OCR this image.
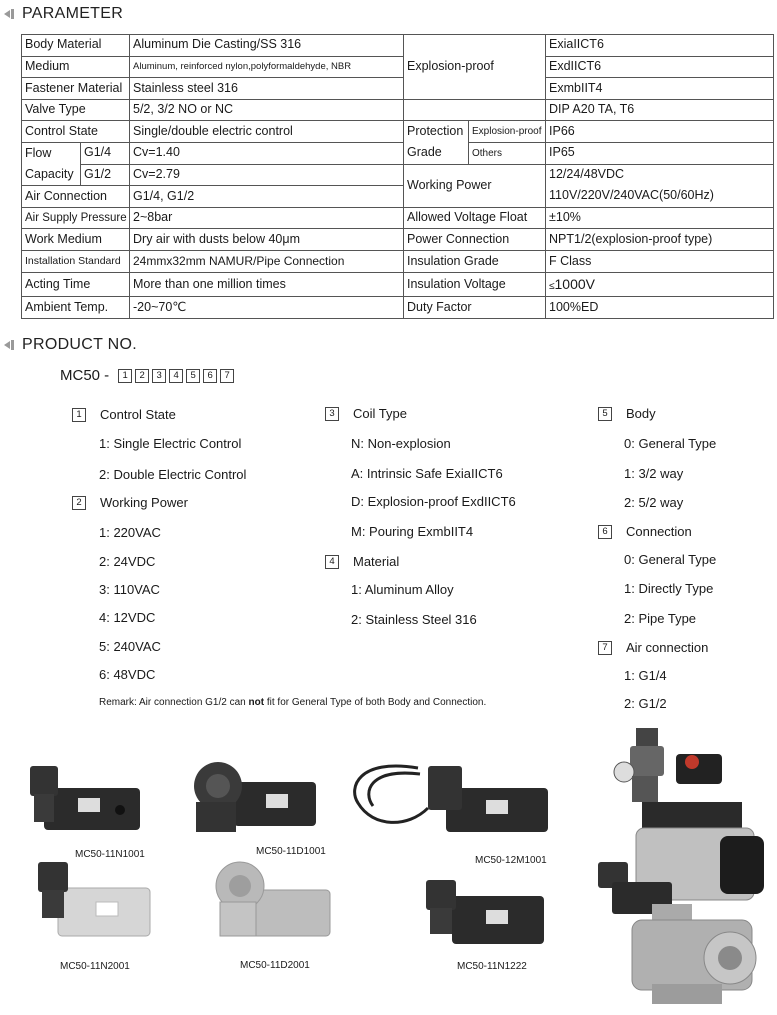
PARAMETER
Body Material		Aluminum Die Casting/SS 316	Explosion-proof		ExiaIICT6
Medium		Aluminum, reinforced nylon,polyformaldehyde, NBR			ExdIICT6
Fastener Material		Stainless steel 316			ExmbIIT4
Valve Type		5/2, 3/2 NO or NC			DIP A20 TA, T6
Control State		Single/double electric control	Protection	Explosion-proof	IP66
Flow	G1/4	Cv=1.40	Grade	Others	IP65
Capacity	G1/2	Cv=2.79	Working Power		12/24/48VDC
Air Connection		G1/4, G1/2			110V/220V/240VAC(50/60Hz)
Air Supply Pressure		2~8bar	Allowed Voltage Float		±10%
Work Medium		Dry air with dusts below 40μm	Power Connection		NPT1/2(explosion-proof type)
Installation Standard		24mmx32mm NAMUR/Pipe Connection	Insulation Grade		F Class
Acting Time		More than one million times	Insulation Voltage		≤1000V
Ambient Temp.		-20~70℃	Duty Factor		100%ED
PRODUCT NO.
MC50 -	1	2	3	4	5	6	7
1	Control State
1: Single Electric Control
2: Double Electric Control
2	Working Power
1: 220VAC
2: 24VDC
3: 110VAC
4: 12VDC
5: 240VAC
6: 48VDC
3	Coil Type
N: Non-explosion
A: Intrinsic Safe ExiaIICT6
D: Explosion-proof ExdIICT6
M: Pouring ExmbIIT4
4	Material
1: Aluminum Alloy
2: Stainless Steel 316
5	Body
0: General Type
1: 3/2 way
2: 5/2 way
6	Connection
0: General Type
1: Directly Type
2: Pipe Type
7	Air connection
1: G1/4
2: G1/2
Remark: Air connection G1/2 can not fit for General Type of both Body and Connection.
MC50-11N1001	MC50-11D1001
MC50-12M1001
MC50-11N2001	MC50-11D2001	MC50-11N1222
